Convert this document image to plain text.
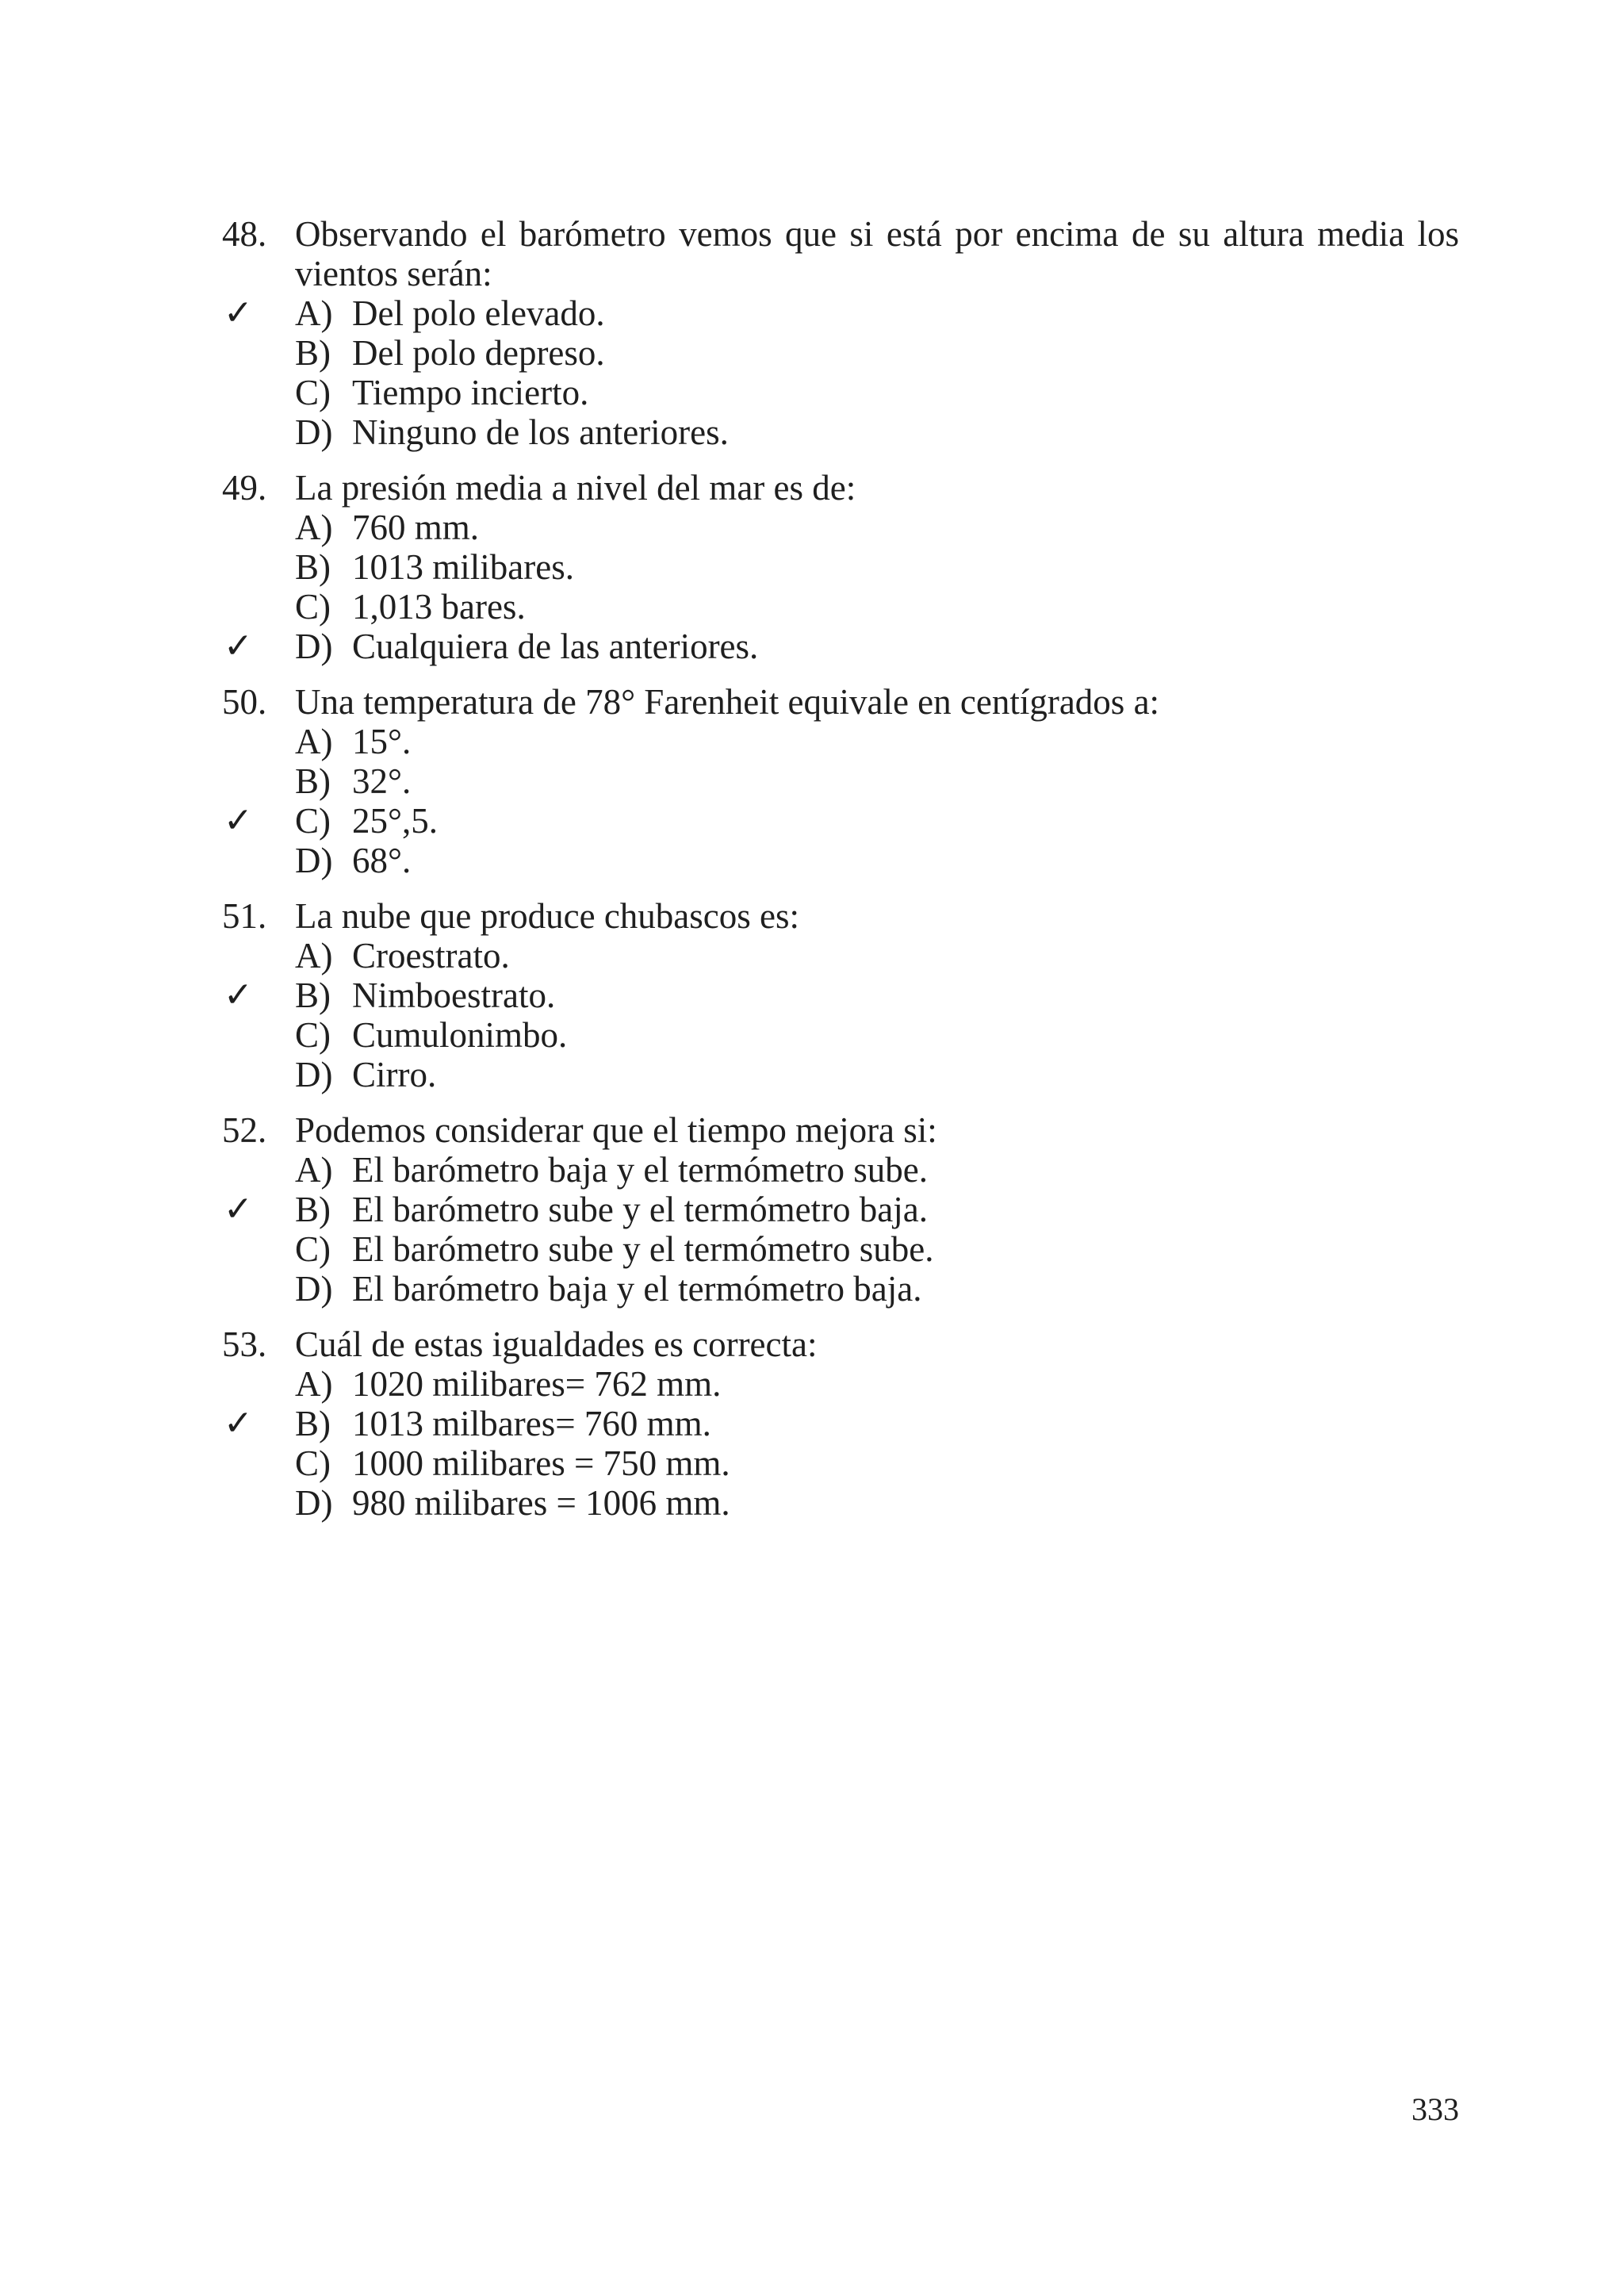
48. Observando el barómetro vemos que si está por encima de su altura media los vientos serán:
✓ A) Del polo elevado.
B) Del polo depreso.
C) Tiempo incierto.
D) Ninguno de los anteriores.
49. La presión media a nivel del mar es de:
A) 760 mm.
B) 1013 milibares.
C) 1,013 bares.
✓ D) Cualquiera de las anteriores.
50. Una temperatura de 78° Farenheit equivale en centígrados a:
A) 15°.
B) 32°.
✓ C) 25°,5.
D) 68°.
51. La nube que produce chubascos es:
A) Croestrato.
✓ B) Nimboestrato.
C) Cumulonimbo.
D) Cirro.
52. Podemos considerar que el tiempo mejora si:
A) El barómetro baja y el termómetro sube.
✓ B) El barómetro sube y el termómetro baja.
C) El barómetro sube y el termómetro sube.
D) El barómetro baja y el termómetro baja.
53. Cuál de estas igualdades es correcta:
A) 1020 milibares= 762 mm.
✓ B) 1013 milbares= 760 mm.
C) 1000 milibares = 750 mm.
D) 980 milibares = 1006 mm.
333
